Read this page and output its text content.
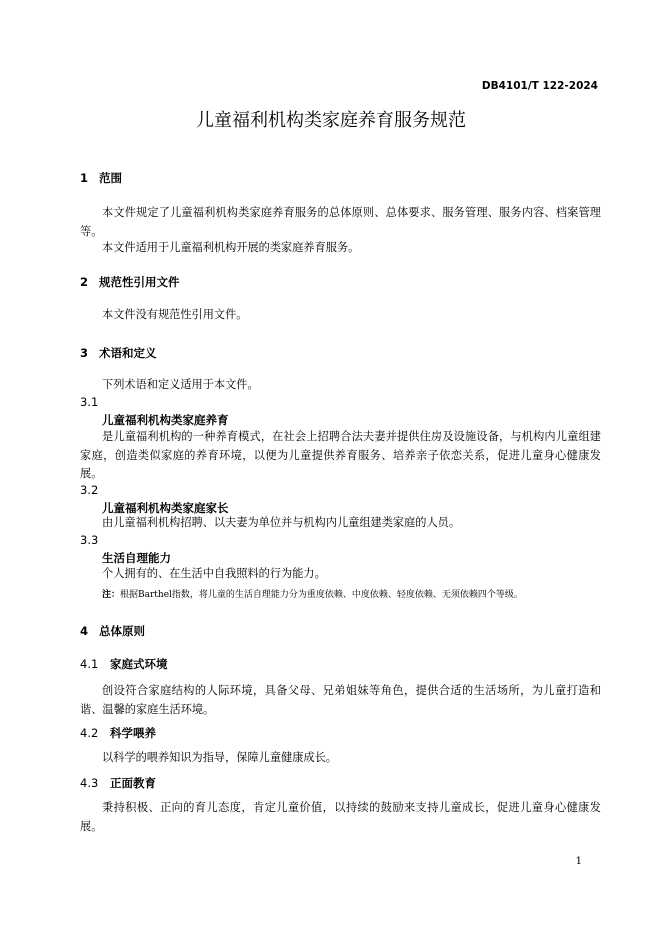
DB4101/T 122-2024
儿童福利机构类家庭养育服务规范
1 范围
本文件规定了儿童福利机构类家庭养育服务的总体原则、总体要求、服务管理、服务内容、档案管理等。
本文件适用于儿童福利机构开展的类家庭养育服务。
2 规范性引用文件
本文件没有规范性引用文件。
3 术语和定义
下列术语和定义适用于本文件。
3.1
儿童福利机构类家庭养育
是儿童福利机构的一种养育模式，在社会上招聘合法夫妻并提供住房及设施设备，与机构内儿童组建家庭，创造类似家庭的养育环境，以便为儿童提供养育服务、培养亲子依恋关系，促进儿童身心健康发展。
3.2
儿童福利机构类家庭家长
由儿童福利机构招聘、以夫妻为单位并与机构内儿童组建类家庭的人员。
3.3
生活自理能力
个人拥有的、在生活中自我照料的行为能力。
注：根据Barthel指数，将儿童的生活自理能力分为重度依赖、中度依赖、轻度依赖、无须依赖四个等级。
4 总体原则
4.1 家庭式环境
创设符合家庭结构的人际环境，具备父母、兄弟姐妹等角色，提供合适的生活场所，为儿童打造和谐、温馨的家庭生活环境。
4.2 科学喂养
以科学的喂养知识为指导，保障儿童健康成长。
4.3 正面教育
秉持积极、正向的育儿态度，肯定儿童价值，以持续的鼓励来支持儿童成长，促进儿童身心健康发展。
1
